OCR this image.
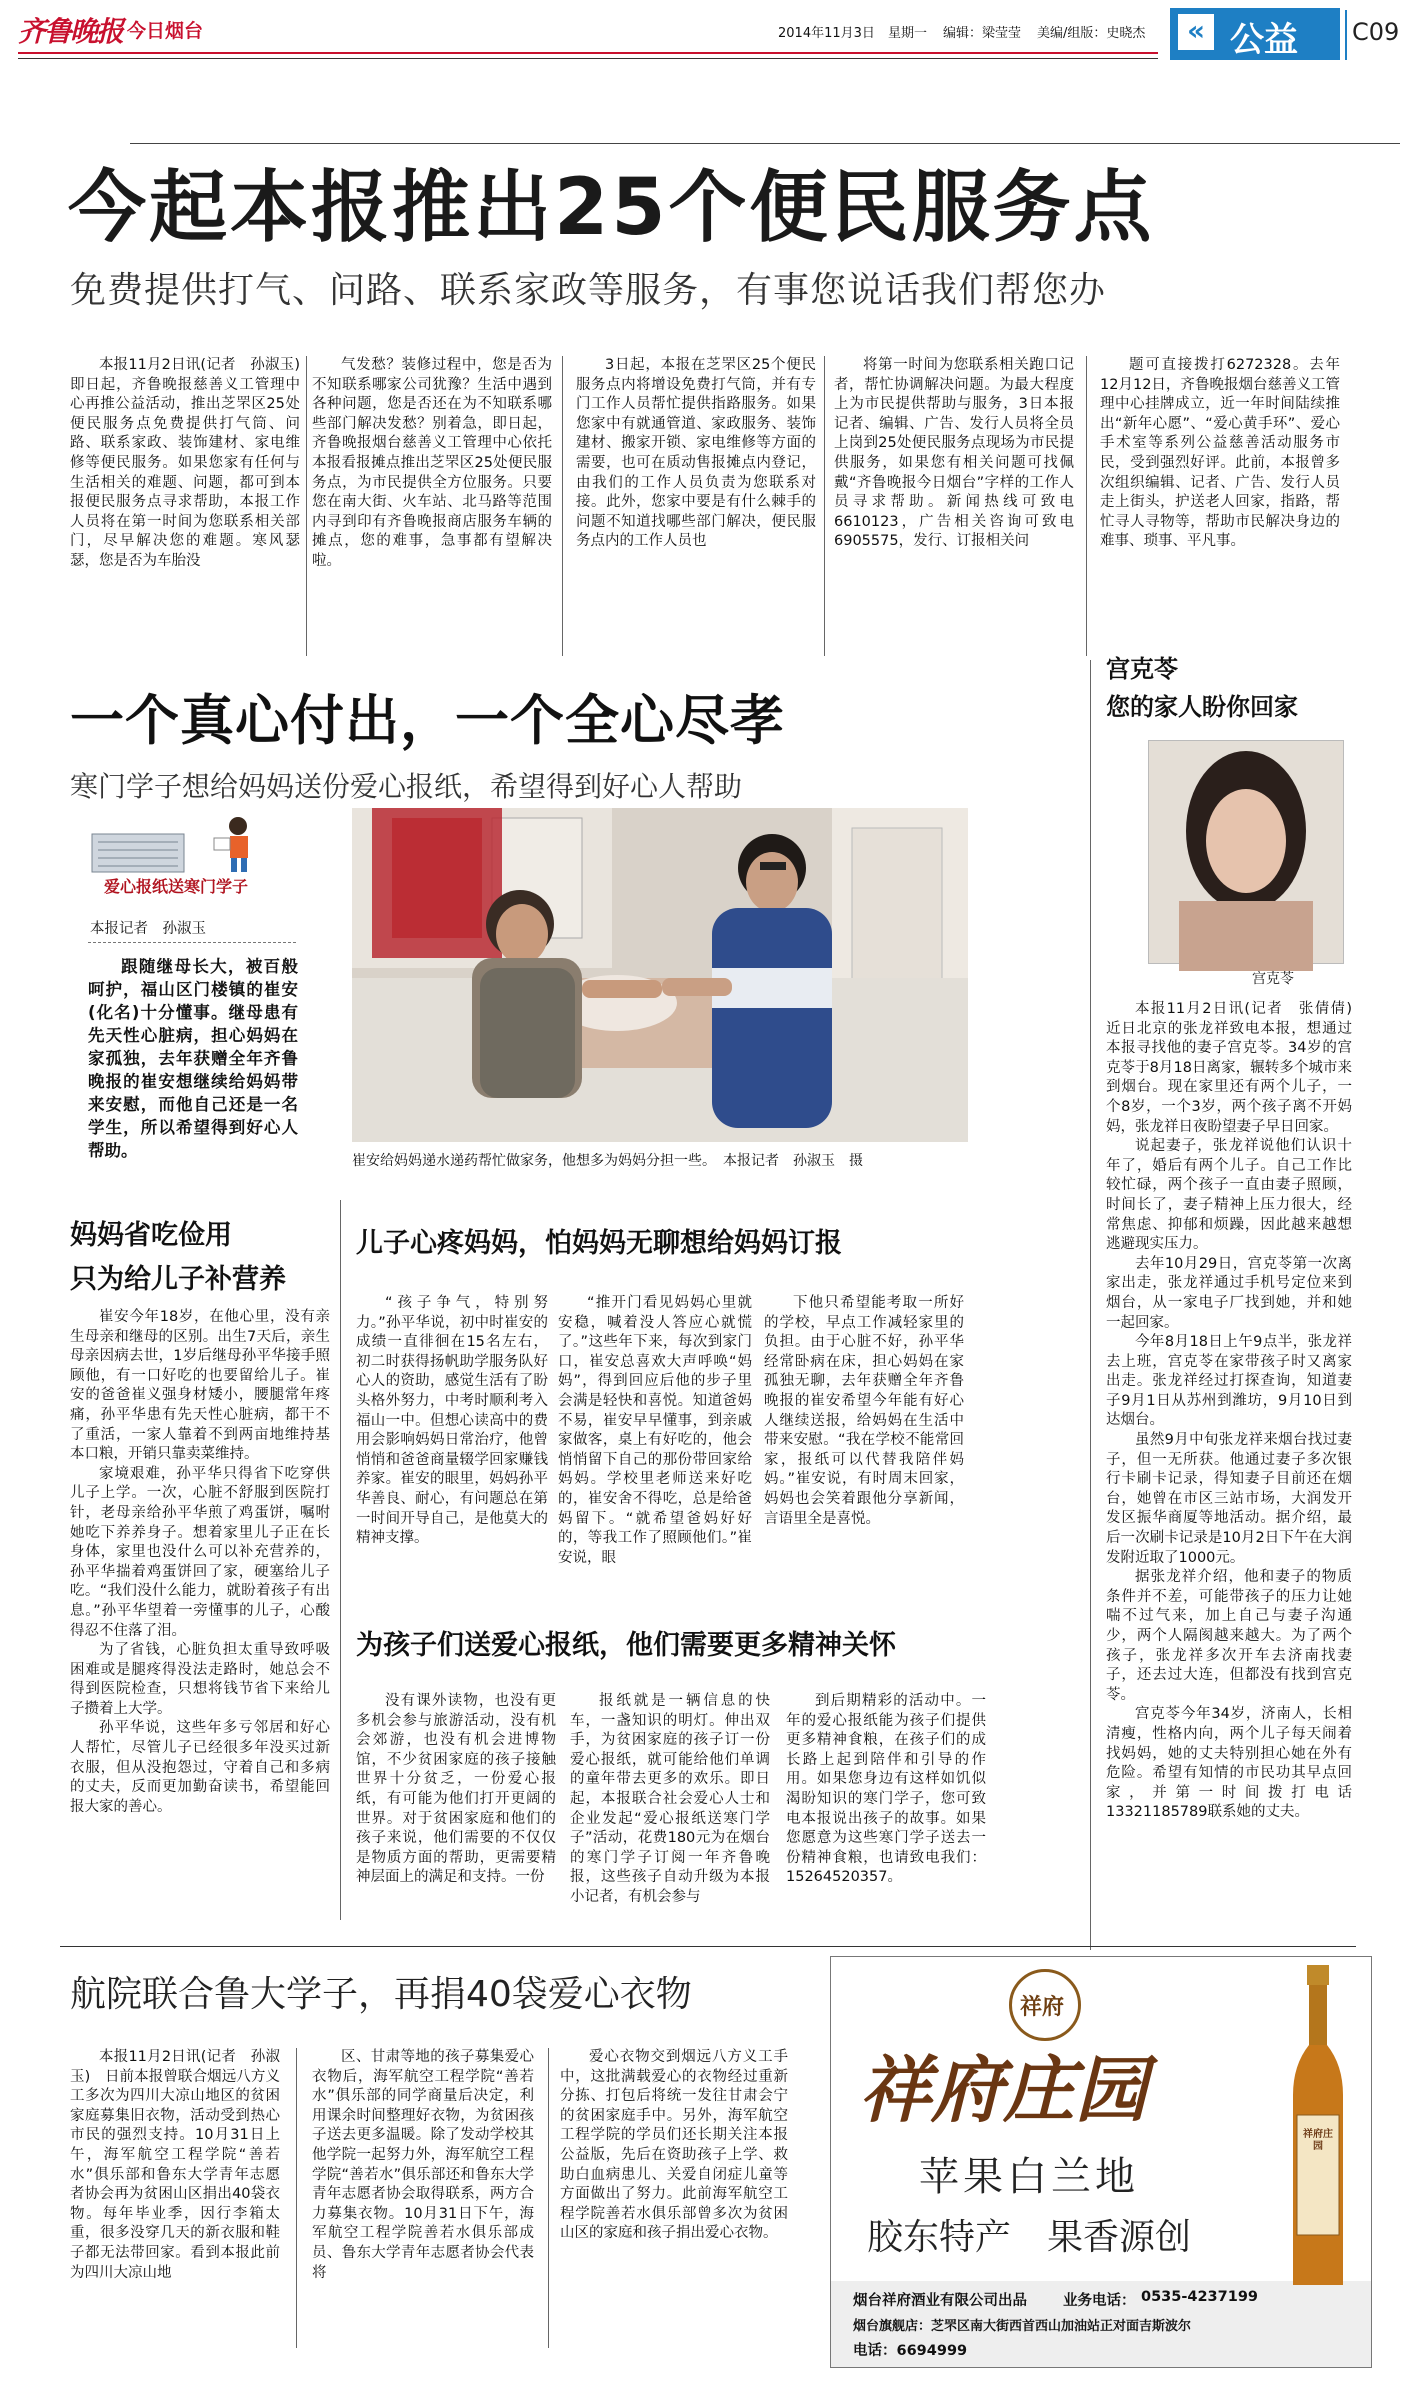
齐鲁晚报 今日烟台	2014年11月3日 星期一 编辑：梁莹莹 美编/组版：史晓杰	« 公益 C09
今起本报推出25个便民服务点
免费提供打气、问路、联系家政等服务，有事您说话我们帮您办

本报11月2日讯(记者　孙淑玉)　即日起，齐鲁晚报慈善义工管理中心再推公益活动，推出芝罘区25处便民服务点免费提供打气筒、问路、联系家政、装饰建材、家电维修等便民服务。如果您家有任何与生活相关的难题、问题，都可到本报便民服务点寻求帮助，本报工作人员将在第一时间为您联系相关部门，尽早解决您的难题。寒风瑟瑟，您是否为车胎没

气发愁？装修过程中，您是否为不知联系哪家公司犹豫？生活中遇到各种问题，您是否还在为不知联系哪些部门解决发愁？别着急，即日起，齐鲁晚报烟台慈善义工管理中心依托本报看报摊点推出芝罘区25处便民服务点，为市民提供全方位服务。只要您在南大街、火车站、北马路等范围内寻到印有齐鲁晚报商店服务车辆的摊点，您的难事，急事都有望解决啦。

3日起，本报在芝罘区25个便民服务点内将增设免费打气筒，并有专门工作人员帮忙提供指路服务。如果您家中有就通管道、家政服务、装饰建材、搬家开锁、家电维修等方面的需要，也可在质动售报摊点内登记，由我们的工作人员负责为您联系对接。此外，您家中要是有什么棘手的问题不知道找哪些部门解决，便民服务点内的工作人员也

将第一时间为您联系相关跑口记者，帮忙协调解决问题。为最大程度上为市民提供帮助与服务，3日本报记者、编辑、广告、发行人员将全员上岗到25处便民服务点现场为市民提供服务，如果您有相关问题可找佩戴“齐鲁晚报今日烟台”字样的工作人员寻求帮助。新闻热线可致电6610123，广告相关咨询可致电6905575，发行、订报相关问

题可直接拨打6272328。去年12月12日，齐鲁晚报烟台慈善义工管理中心挂牌成立，近一年时间陆续推出“新年心愿”、“爱心黄手环”、爱心手术室等系列公益慈善活动服务市民，受到强烈好评。此前，本报曾多次组织编辑、记者、广告、发行人员走上街头，护送老人回家，指路，帮忙寻人寻物等，帮助市民解决身边的难事、琐事、平凡事。

一个真心付出，一个全心尽孝
寒门学子想给妈妈送份爱心报纸，希望得到好心人帮助
爱心报纸送寒门学子
本报记者　孙淑玉

跟随继母长大，被百般呵护，福山区门楼镇的崔安(化名)十分懂事。继母患有先天性心脏病，担心妈妈在家孤独，去年获赠全年齐鲁晚报的崔安想继续给妈妈带来安慰，而他自己还是一名学生，所以希望得到好心人帮助。

崔安给妈妈递水递药帮忙做家务，他想多为妈妈分担一些。　本报记者　孙淑玉　摄
妈妈省吃俭用
只为给儿子补营养

崔安今年18岁，在他心里，没有亲生母亲和继母的区别。出生7天后，亲生母亲因病去世，1岁后继母孙平华接手照顾他，有一口好吃的也要留给儿子。崔安的爸爸崔义强身材矮小，腰腿常年疼痛，孙平华患有先天性心脏病，都干不了重活，一家人靠着不到两亩地维持基本口粮，开销只靠卖菜维持。

家境艰难，孙平华只得省下吃穿供儿子上学。一次，心脏不舒服到医院打针，老母亲给孙平华煎了鸡蛋饼，嘱咐她吃下养养身子。想着家里儿子正在长身体，家里也没什么可以补充营养的，孙平华揣着鸡蛋饼回了家，硬塞给儿子吃。“我们没什么能力，就盼着孩子有出息。”孙平华望着一旁懂事的儿子，心酸得忍不住落了泪。

为了省钱，心脏负担太重导致呼吸困难或是腿疼得没法走路时，她总会不得到医院检查，只想将钱节省下来给儿子攒着上大学。

孙平华说，这些年多亏邻居和好心人帮忙，尽管儿子已经很多年没买过新衣服，但从没抱怨过，守着自己和多病的丈夫，反而更加勤奋读书，希望能回报大家的善心。

儿子心疼妈妈，怕妈妈无聊想给妈妈订报

“孩子争气，特别努力。”孙平华说，初中时崔安的成绩一直徘徊在15名左右，初二时获得扬帆助学服务队好心人的资助，感觉生活有了盼头格外努力，中考时顺利考入福山一中。但想心读高中的费用会影响妈妈日常治疗，他曾悄悄和爸爸商量辍学回家赚钱养家。崔安的眼里，妈妈孙平华善良、耐心，有问题总在第一时间开导自己，是他莫大的精神支撑。

“推开门看见妈妈心里就安稳，喊着没人答应心就慌了。”这些年下来，每次到家门口，崔安总喜欢大声呼唤“妈妈”，得到回应后他的步子里会满是轻快和喜悦。知道爸妈不易，崔安早早懂事，到亲戚家做客，桌上有好吃的，他会悄悄留下自己的那份带回家给妈妈。学校里老师送来好吃的，崔安舍不得吃，总是给爸妈留下。“就希望爸妈好好的，等我工作了照顾他们。”崔安说，眼

下他只希望能考取一所好的学校，早点工作减轻家里的负担。由于心脏不好，孙平华经常卧病在床，担心妈妈在家孤独无聊，去年获赠全年齐鲁晚报的崔安希望今年能有好心人继续送报，给妈妈在生活中带来安慰。“我在学校不能常回家，报纸可以代替我陪伴妈妈。”崔安说，有时周末回家，妈妈也会笑着跟他分享新闻，言语里全是喜悦。

为孩子们送爱心报纸，他们需要更多精神关怀

没有课外读物，也没有更多机会参与旅游活动，没有机会郊游，也没有机会进博物馆，不少贫困家庭的孩子接触世界十分贫乏，一份爱心报纸，有可能为他们打开更阔的世界。对于贫困家庭和他们的孩子来说，他们需要的不仅仅是物质方面的帮助，更需要精神层面上的满足和支持。一份

报纸就是一辆信息的快车，一盏知识的明灯。伸出双手，为贫困家庭的孩子订一份爱心报纸，就可能给他们单调的童年带去更多的欢乐。即日起，本报联合社会爱心人士和企业发起“爱心报纸送寒门学子”活动，花费180元为在烟台的寒门学子订阅一年齐鲁晚报，这些孩子自动升级为本报小记者，有机会参与

到后期精彩的活动中。一年的爱心报纸能为孩子们提供更多精神食粮，在孩子们的成长路上起到陪伴和引导的作用。如果您身边有这样如饥似渴盼知识的寒门学子，您可致电本报说出孩子的故事。如果您愿意为这些寒门学子送去一份精神食粮，也请致电我们：15264520357。

宫克苓
您的家人盼你回家
宫克苓

本报11月2日讯(记者　张倩倩)　近日北京的张龙祥致电本报，想通过本报寻找他的妻子宫克苓。34岁的宫克苓于8月18日离家，辗转多个城市来到烟台。现在家里还有两个儿子，一个8岁，一个3岁，两个孩子离不开妈妈，张龙祥日夜盼望妻子早日回家。

说起妻子，张龙祥说他们认识十年了，婚后有两个儿子。自己工作比较忙碌，两个孩子一直由妻子照顾，时间长了，妻子精神上压力很大，经常焦虑、抑郁和烦躁，因此越来越想逃避现实压力。

去年10月29日，宫克苓第一次离家出走，张龙祥通过手机号定位来到烟台，从一家电子厂找到她，并和她一起回家。

今年8月18日上午9点半，张龙祥去上班，宫克苓在家带孩子时又离家出走。张龙祥经过打探查询，知道妻子9月1日从苏州到潍坊，9月10日到达烟台。

虽然9月中旬张龙祥来烟台找过妻子，但一无所获。他通过妻子多次银行卡刷卡记录，得知妻子目前还在烟台，她曾在市区三站市场，大润发开发区振华商厦等地活动。据介绍，最后一次刷卡记录是10月2日下午在大润发附近取了1000元。

据张龙祥介绍，他和妻子的物质条件并不差，可能带孩子的压力让她喘不过气来，加上自己与妻子沟通少，两个人隔阂越来越大。为了两个孩子，张龙祥多次开车去济南找妻子，还去过大连，但都没有找到宫克苓。

宫克苓今年34岁，济南人，长相清瘦，性格内向，两个儿子每天闹着找妈妈，她的丈夫特别担心她在外有危险。希望有知情的市民功其早点回家，并第一时间拨打电话13321185789联系她的丈夫。

航院联合鲁大学子，再捐40袋爱心衣物

本报11月2日讯(记者　孙淑玉)　日前本报曾联合烟远八方义工多次为四川大凉山地区的贫困家庭募集旧衣物，活动受到热心市民的强烈支持。10月31日上午，海军航空工程学院“善若水”俱乐部和鲁东大学青年志愿者协会再为贫困山区捐出40袋衣物。每年毕业季，因行李箱太重，很多没穿几天的新衣服和鞋子都无法带回家。看到本报此前为四川大凉山地

区、甘肃等地的孩子募集爱心衣物后，海军航空工程学院“善若水”俱乐部的同学商量后决定，利用课余时间整理好衣物，为贫困孩子送去更多温暖。除了发动学校其他学院一起努力外，海军航空工程学院“善若水”俱乐部还和鲁东大学青年志愿者协会取得联系，两方合力募集衣物。10月31日下午，海军航空工程学院善若水俱乐部成员、鲁东大学青年志愿者协会代表将

爱心衣物交到烟远八方义工手中，这批满载爱心的衣物经过重新分拣、打包后将统一发往甘肃会宁的贫困家庭手中。另外，海军航空工程学院的学员们还长期关注本报公益版，先后在资助孩子上学、救助白血病患儿、关爱自闭症儿童等方面做出了努力。此前海军航空工程学院善若水俱乐部曾多次为贫困山区的家庭和孩子捐出爱心衣物。

祥府
祥府庄园
苹果白兰地
胶东特产　果香源创
烟台祥府酒业有限公司出品 业务电话： 0535-4237199
烟台旗舰店：芝罘区南大街西首西山加油站正对面吉斯波尔
电话：6694999
祥府庄园
